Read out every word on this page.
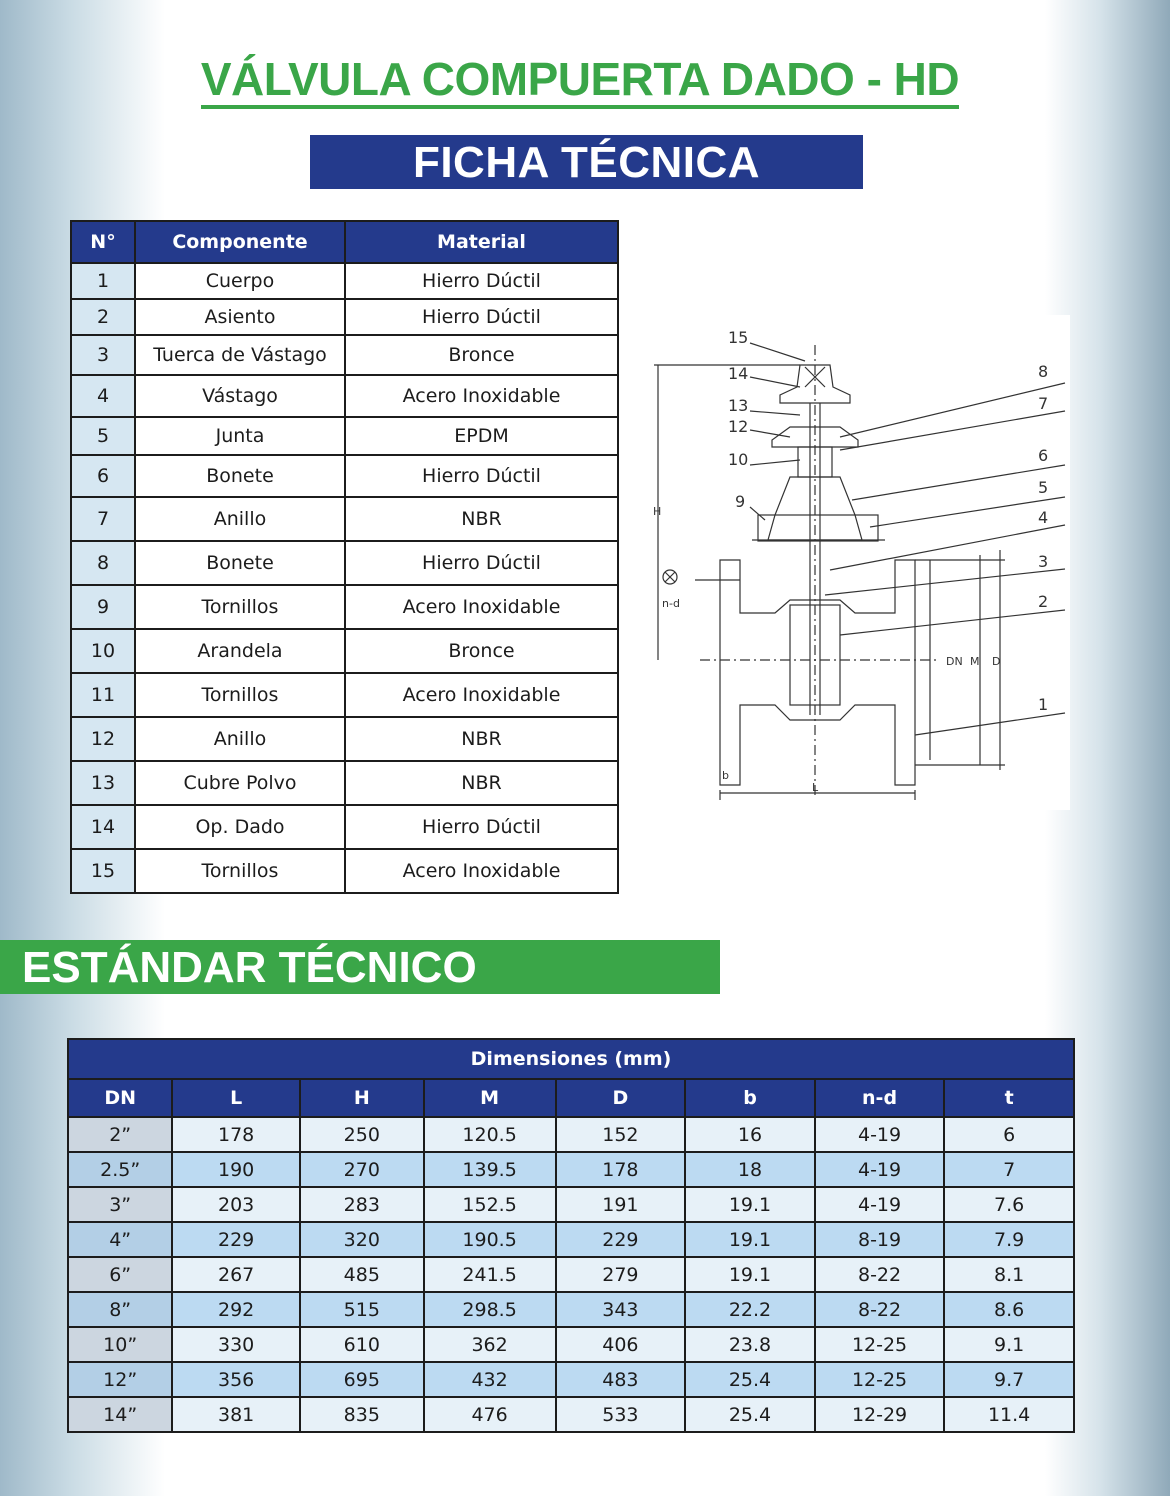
VÁLVULA COMPUERTA DADO - HD
FICHA TÉCNICA
N°	Componente	Material
1	Cuerpo	Hierro Dúctil
2	Asiento	Hierro Dúctil
3	Tuerca de Vástago	Bronce
4	Vástago	Acero Inoxidable
5	Junta	EPDM
6	Bonete	Hierro Dúctil
7	Anillo	NBR
8	Bonete	Hierro Dúctil
9	Tornillos	Acero Inoxidable
10	Arandela	Bronce
11	Tornillos	Acero Inoxidable
12	Anillo	NBR
13	Cubre Polvo	NBR
14	Op. Dado	Hierro Dúctil
15	Tornillos	Acero Inoxidable
15
14
13
12
10
9
8
7
6
5
4
3
2
1
H
n-d
DN M D
b
L
ESTÁNDAR TÉCNICO
Dimensiones (mm)							
DN	L	H	M	D	b	n-d	t
2”	178	250	120.5	152	16	4-19	6
2.5”	190	270	139.5	178	18	4-19	7
3”	203	283	152.5	191	19.1	4-19	7.6
4”	229	320	190.5	229	19.1	8-19	7.9
6”	267	485	241.5	279	19.1	8-22	8.1
8”	292	515	298.5	343	22.2	8-22	8.6
10”	330	610	362	406	23.8	12-25	9.1
12”	356	695	432	483	25.4	12-25	9.7
14”	381	835	476	533	25.4	12-29	11.4
